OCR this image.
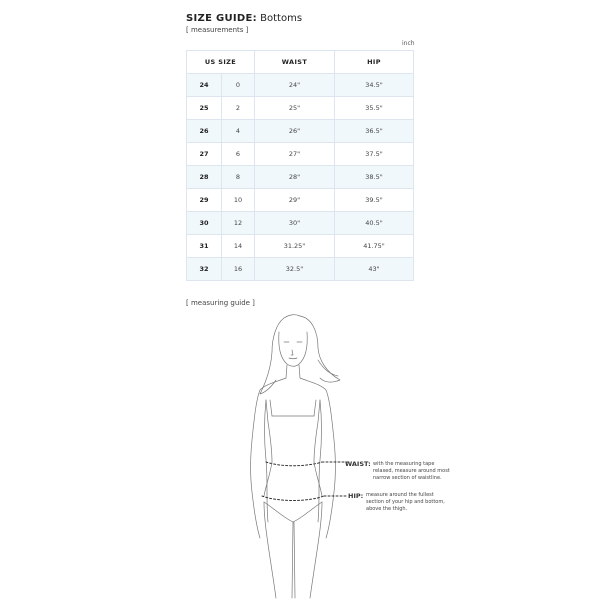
SIZE GUIDE: Bottoms
[ measurements ]
inch
US SIZE		WAIST	HIP
24	0	24"	34.5"
25	2	25"	35.5"
26	4	26"	36.5"
27	6	27"	37.5"
28	8	28"	38.5"
29	10	29"	39.5"
30	12	30"	40.5"
31	14	31.25"	41.75"
32	16	32.5"	43"
[ measuring guide ]
WAIST: with the measuring tape relaxed, measure around most narrow section of waistline.
HIP: measure around the fullest section of your hip and bottom, above the thigh.
